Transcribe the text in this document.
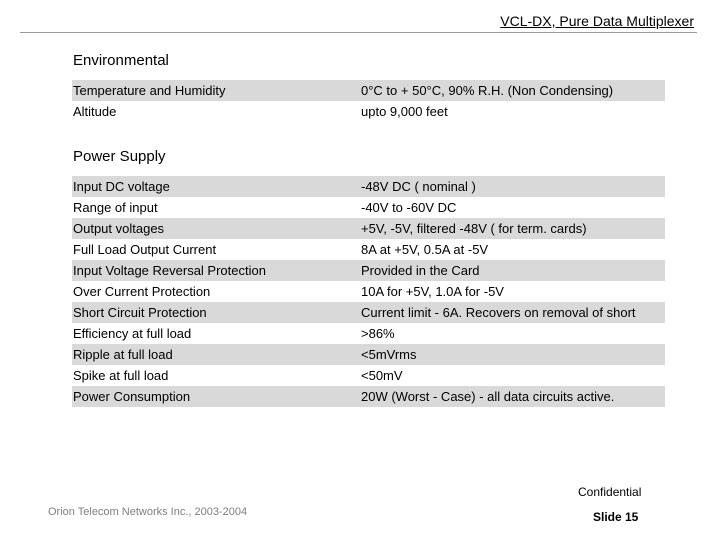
VCL-DX, Pure Data Multiplexer
Environmental
Temperature and Humidity	0°C to + 50°C, 90% R.H. (Non Condensing)
Altitude	upto 9,000 feet
Power Supply
Input DC voltage	-48V DC ( nominal )
Range of input	-40V to -60V DC
Output voltages	+5V, -5V, filtered -48V ( for term. cards)
Full Load Output Current	8A at +5V, 0.5A at -5V
Input Voltage Reversal Protection	Provided in the Card
Over Current Protection	10A for +5V, 1.0A for -5V
Short Circuit Protection	Current limit - 6A. Recovers on removal of short
Efficiency at full load	>86%
Ripple at full load	<5mVrms
Spike at full load	<50mV
Power Consumption	20W (Worst - Case) - all data circuits active.
Confidential
Orion Telecom Networks Inc., 2003-2004	Slide 15
